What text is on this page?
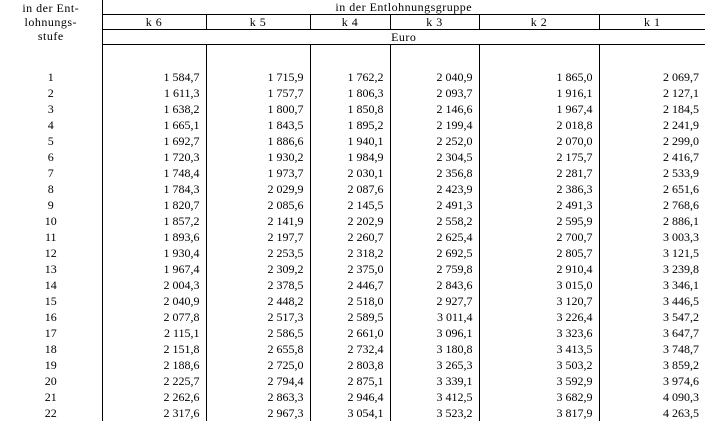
in der Ent-
lohnungs-
stufe	in der Entlohnungsgruppe					
	k 6	k 5	k 4	k 3	k 2	k 1
	Euro					

1	1 584,7	1 715,9	1 762,2	2 040,9	1 865,0	2 069,7
2	1 611,3	1 757,7	1 806,3	2 093,7	1 916,1	2 127,1
3	1 638,2	1 800,7	1 850,8	2 146,6	1 967,4	2 184,5
4	1 665,1	1 843,5	1 895,2	2 199,4	2 018,8	2 241,9
5	1 692,7	1 886,6	1 940,1	2 252,0	2 070,0	2 299,0
6	1 720,3	1 930,2	1 984,9	2 304,5	2 175,7	2 416,7
7	1 748,4	1 973,7	2 030,1	2 356,8	2 281,7	2 533,9
8	1 784,3	2 029,9	2 087,6	2 423,9	2 386,3	2 651,6
9	1 820,7	2 085,6	2 145,5	2 491,3	2 491,3	2 768,6
10	1 857,2	2 141,9	2 202,9	2 558,2	2 595,9	2 886,1
11	1 893,6	2 197,7	2 260,7	2 625,4	2 700,7	3 003,3
12	1 930,4	2 253,5	2 318,2	2 692,5	2 805,7	3 121,5
13	1 967,4	2 309,2	2 375,0	2 759,8	2 910,4	3 239,8
14	2 004,3	2 378,5	2 446,7	2 843,6	3 015,0	3 346,1
15	2 040,9	2 448,2	2 518,0	2 927,7	3 120,7	3 446,5
16	2 077,8	2 517,3	2 589,5	3 011,4	3 226,4	3 547,2
17	2 115,1	2 586,5	2 661,0	3 096,1	3 323,6	3 647,7
18	2 151,8	2 655,8	2 732,4	3 180,8	3 413,5	3 748,7
19	2 188,6	2 725,0	2 803,8	3 265,3	3 503,2	3 859,2
20	2 225,7	2 794,4	2 875,1	3 339,1	3 592,9	3 974,6
21	2 262,6	2 863,3	2 946,4	3 412,5	3 682,9	4 090,3
22	2 317,6	2 967,3	3 054,1	3 523,2	3 817,9	4 263,5
